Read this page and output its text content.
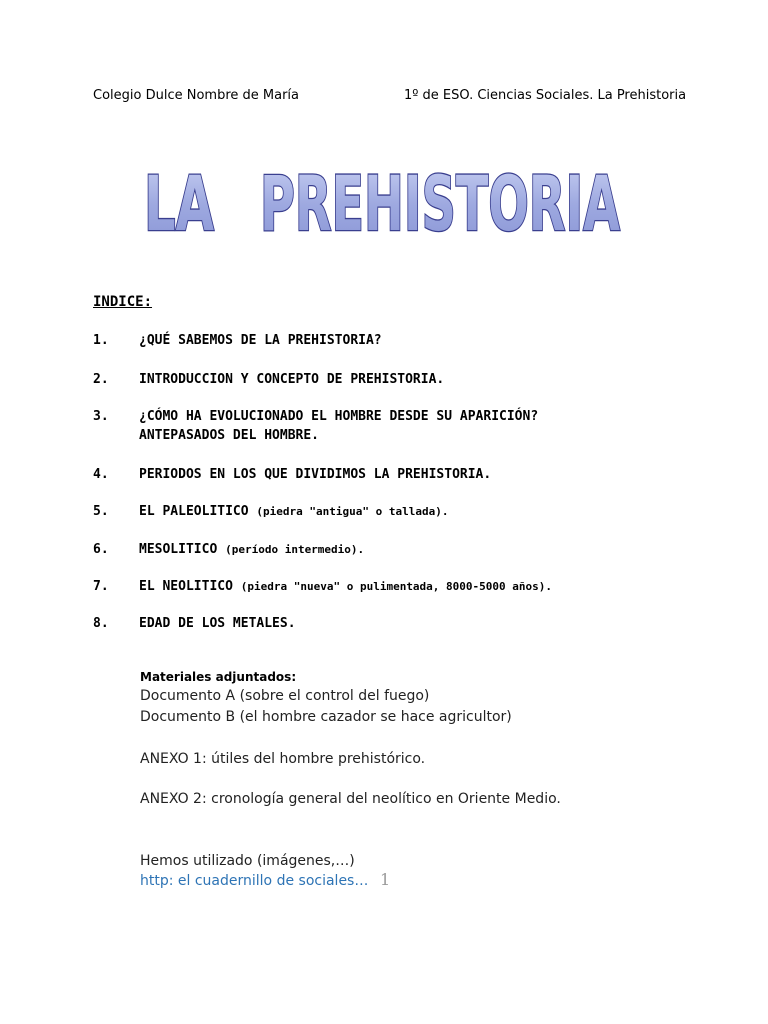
Colegio Dulce Nombre de María	1º de ESO. Ciencias Sociales. La Prehistoria
LA PREHISTORIA
INDICE:
1. ¿QUÉ SABEMOS DE LA PREHISTORIA?
2. INTRODUCCION Y CONCEPTO DE PREHISTORIA.
3. ¿CÓMO HA EVOLUCIONADO EL HOMBRE DESDE SU APARICIÓN?
ANTEPASADOS DEL HOMBRE.
4. PERIODOS EN LOS QUE DIVIDIMOS LA PREHISTORIA.
5. EL PALEOLITICO (piedra "antigua" o tallada).
6. MESOLITICO (período intermedio).
7. EL NEOLITICO (piedra "nueva" o pulimentada, 8000-5000 años).
8. EDAD DE LOS METALES.
Materiales adjuntados:
Documento A (sobre el control del fuego)
Documento B (el hombre cazador se hace agricultor)
ANEXO 1: útiles del hombre prehistórico.
ANEXO 2: cronología general del neolítico en Oriente Medio.
Hemos utilizado (imágenes,…)
http: el cuadernillo de sociales… 1
